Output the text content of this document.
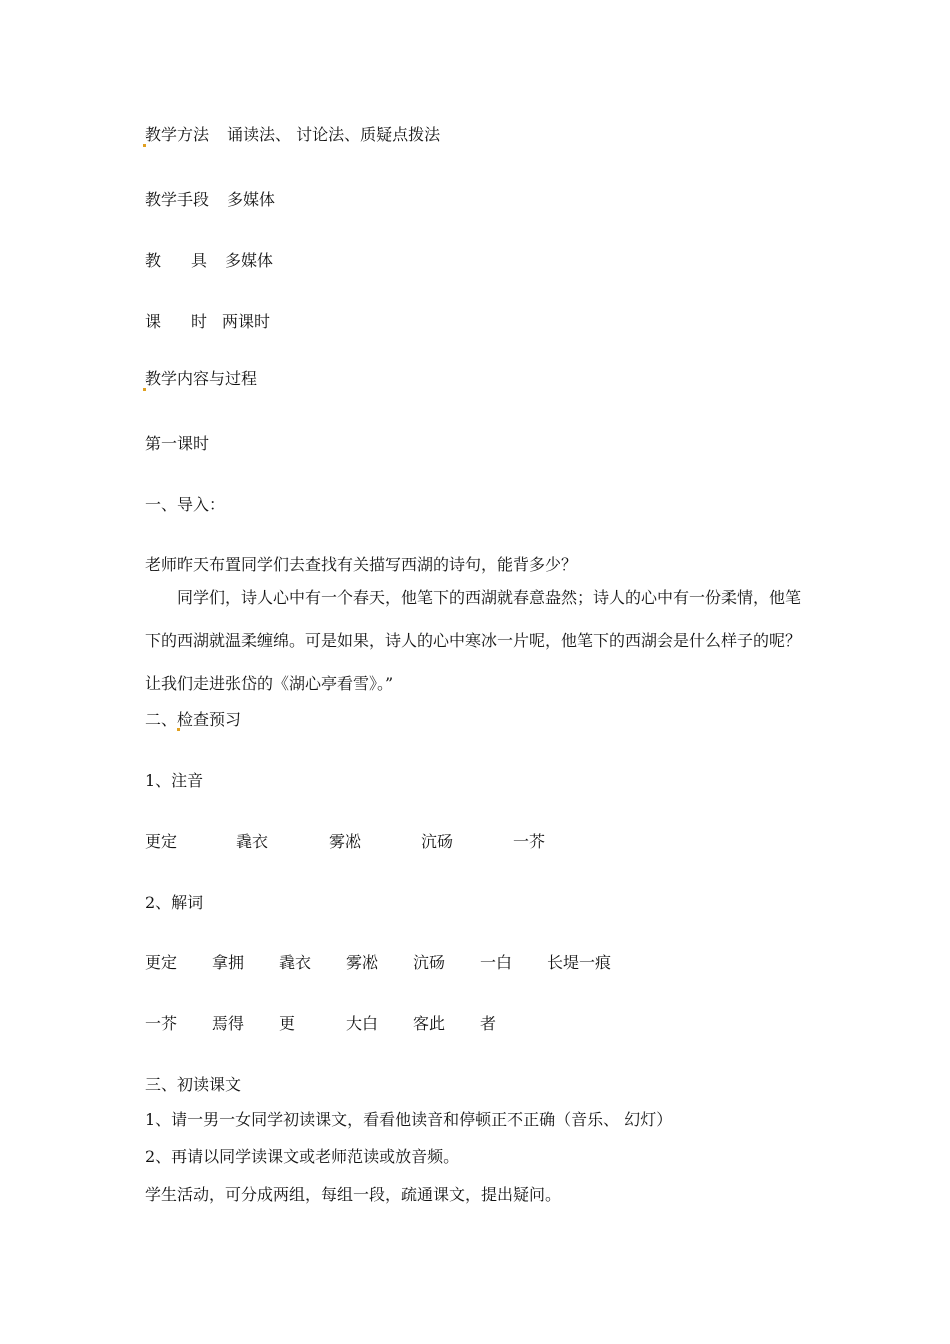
教学方法 诵读法、 讨论法、质疑点拨法
教学手段 多媒体
教 具 多媒体
课 时 两课时
教学内容与过程
第一课时
一、导入：
老师昨天布置同学们去查找有关描写西湖的诗句，能背多少？
同学们，诗人心中有一个春天，他笔下的西湖就春意盎然；诗人的心中有一份柔情，他笔下的西湖就温柔缠绵。可是如果，诗人的心中寒冰一片呢，他笔下的西湖会是什么样子的呢？让我们走进张岱的《湖心亭看雪》。”
二、检查预习
1、注音
更定	毳衣	雾凇	沆砀	一芥
2、解词
更定 拿拥 毳衣 雾凇 沆砀 一白 长堤一痕
一芥 焉得 更	大白 客此 者
三、初读课文
1、请一男一女同学初读课文，看看他读音和停顿正不正确（音乐、 幻灯）
2、再请以同学读课文或老师范读或放音频。
学生活动，可分成两组，每组一段，疏通课文，提出疑问。
